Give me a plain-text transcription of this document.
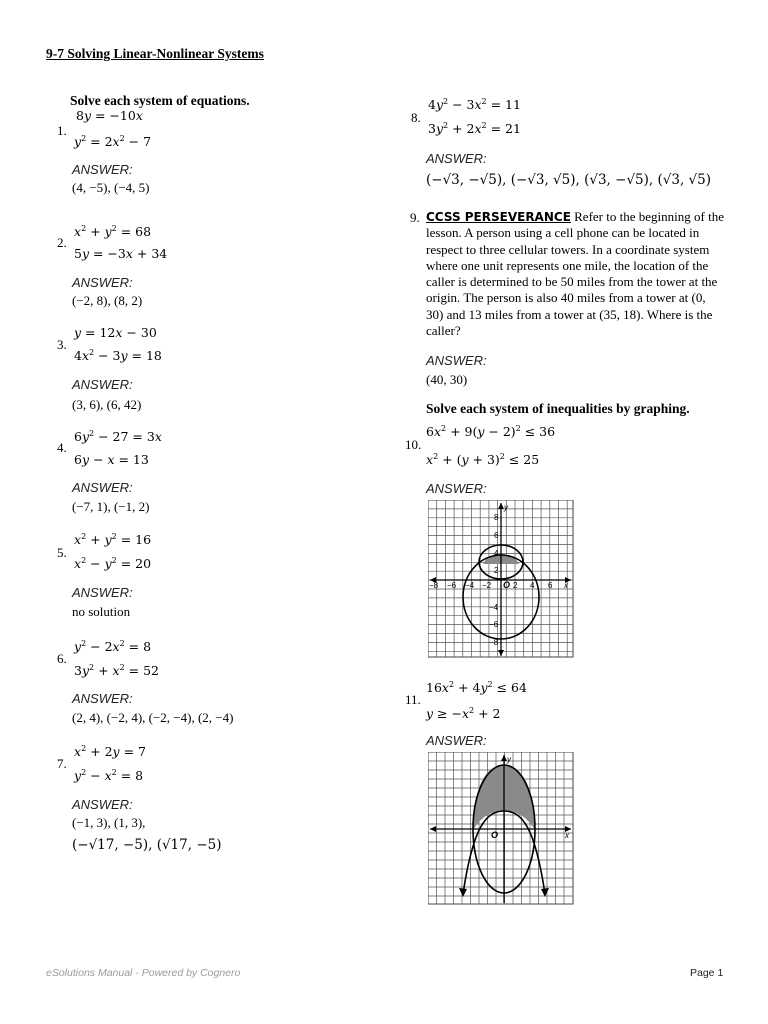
9-7 Solving Linear-Nonlinear Systems
Solve each system of equations.
1.
8y = −10x
$y^2 = 2x^2 - 7$
ANSWER:
(4, −5), (−4, 5)
2.
$x^2 + y^2 = 68$
5y = −3x + 34
ANSWER:
(−2, 8), (8, 2)
3.
y = 12x − 30
$4x^2 - 3y = 18$
ANSWER:
(3, 6), (6, 42)
4.
$6y^2 - 27 = 3x$
6y − x = 13
ANSWER:
(−7, 1), (−1, 2)
5.
$x^2 + y^2 = 16$
$x^2 - y^2 = 20$
ANSWER:
no solution
6.
$y^2 - 2x^2 = 8$
$3y^2 + x^2 = 52$
ANSWER:
(2, 4), (−2, 4), (−2, −4), (2, −4)
7.
$x^2 + 2y = 7$
$y^2 - x^2 = 8$
ANSWER:
(−1, 3), (1, 3),
(−√17, −5), (√17, −5)
8.
$4y^2 - 3x^2 = 11$
$3y^2 + 2x^2 = 21$
ANSWER:
(−√3, −√5), (−√3, √5), (√3, −√5), (√3, √5)
9. CCSS PERSEVERANCE Refer to the beginning of the lesson. A person using a cell phone can be located in respect to three cellular towers. In a coordinate system where one unit represents one mile, the location of the caller is determined to be 50 miles from the tower at the origin. The person is also 40 miles from a tower at (0, 30) and 13 miles from a tower at (35, 18). Where is the caller?
ANSWER:
(40, 30)
Solve each system of inequalities by graphing.
10.
$6x^2 + 9(y - 2)^2 \le 36$
$x^2 + (y + 3)^2 \le 25$
ANSWER:
−8 −6 −4 −2	2 4 6
8
6
4
2
−4
−6
−8
x
y
O
11.
$16x^2 + 4y^2 \le 64$
$y \ge -x^2 + 2$
ANSWER:
x
y
O
eSolutions Manual - Powered by Cognero	Page 1
